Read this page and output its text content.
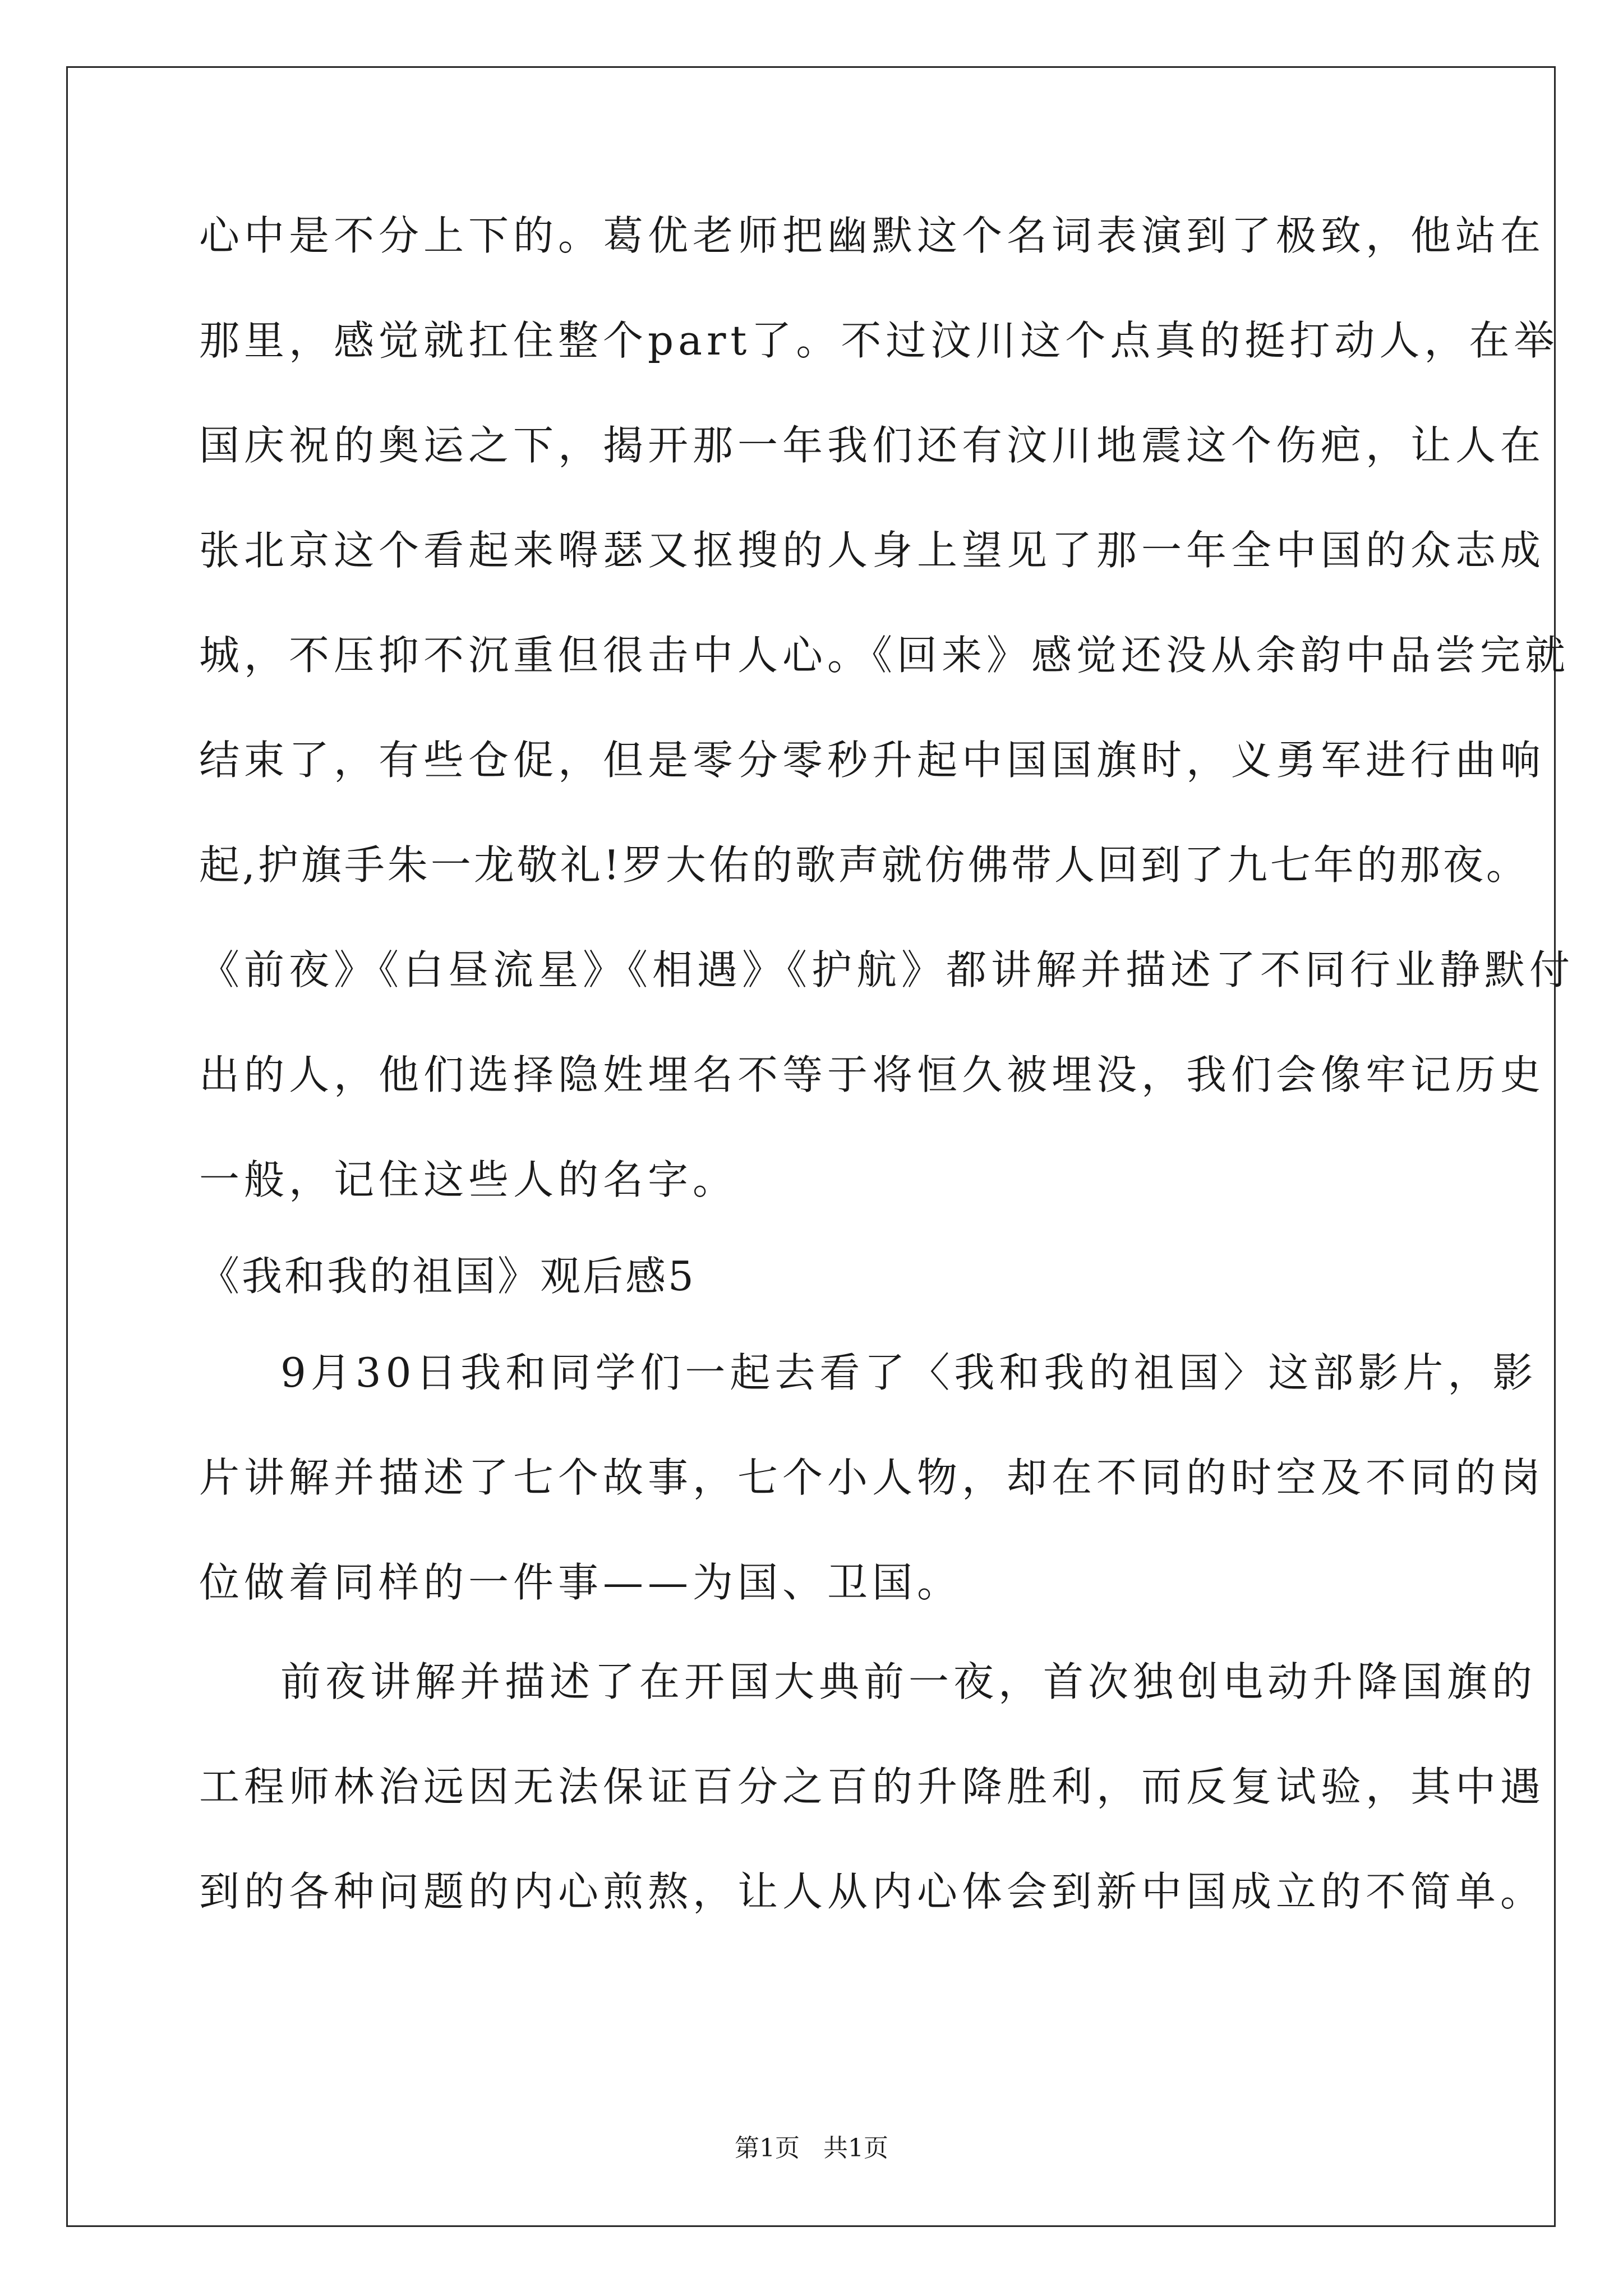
心中是不分上下的。葛优老师把幽默这个名词表演到了极致，他站在
那里，感觉就扛住整个part了。不过汶川这个点真的挺打动人，在举
国庆祝的奥运之下，揭开那一年我们还有汶川地震这个伤疤，让人在
张北京这个看起来嘚瑟又抠搜的人身上望见了那一年全中国的众志成
城，不压抑不沉重但很击中人心。《回来》感觉还没从余韵中品尝完就
结束了，有些仓促，但是零分零秒升起中国国旗时，义勇军进行曲响
起,护旗手朱一龙敬礼!罗大佑的歌声就仿佛带人回到了九七年的那夜。
《前夜》《白昼流星》《相遇》《护航》都讲解并描述了不同行业静默付
出的人，他们选择隐姓埋名不等于将恒久被埋没，我们会像牢记历史
一般，记住这些人的名字。
《我和我的祖国》观后感5
9月30日我和同学们一起去看了〈我和我的祖国〉这部影片，影
片讲解并描述了七个故事，七个小人物，却在不同的时空及不同的岗
位做着同样的一件事——为国、卫国。
前夜讲解并描述了在开国大典前一夜，首次独创电动升降国旗的
工程师林治远因无法保证百分之百的升降胜利，而反复试验，其中遇
到的各种问题的内心煎熬，让人从内心体会到新中国成立的不简单。
第1页   共1页
